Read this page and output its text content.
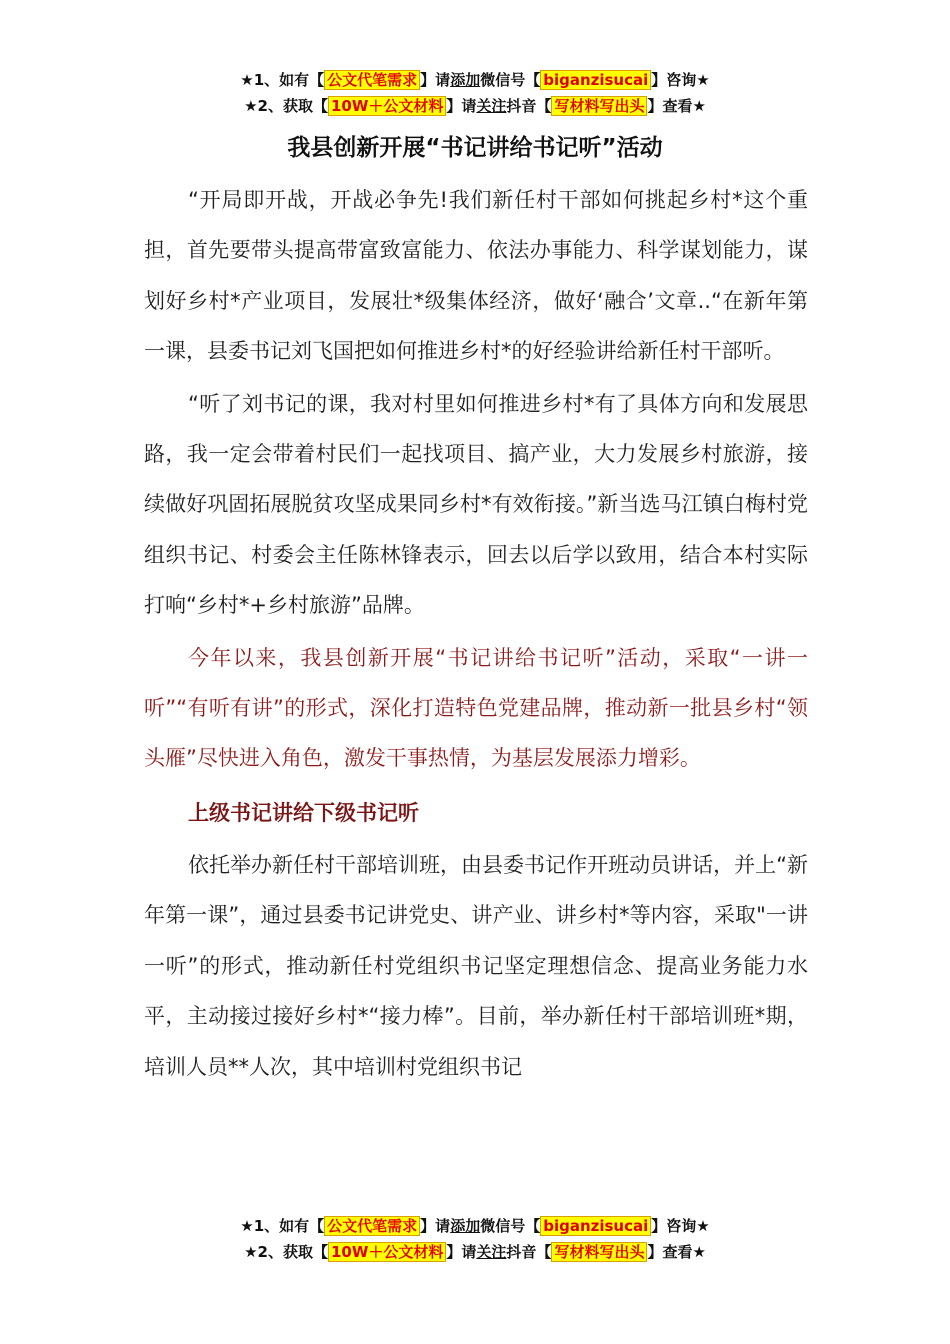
★1、如有【 公文代笔需求 】请添加微信号【 biganzisucai 】咨询★
★2、获取【 10W＋公文材料 】请关注抖音【 写材料写出头 】查看★
我县创新开展“书记讲给书记听”活动

“开局即开战，开战必争先!我们新任村干部如何挑起乡村*这个重担，首先要带头提高带富致富能力、依法办事能力、科学谋划能力，谋划好乡村*产业项目，发展壮*级集体经济，做好‘融合’文章..“在新年第一课，县委书记刘飞国把如何推进乡村*的好经验讲给新任村干部听。

“听了刘书记的课，我对村里如何推进乡村*有了具体方向和发展思路，我一定会带着村民们一起找项目、搞产业，大力发展乡村旅游，接续做好巩固拓展脱贫攻坚成果同乡村*有效衔接。”新当选马江镇白梅村党组织书记、村委会主任陈林锋表示，回去以后学以致用，结合本村实际打响“乡村*+乡村旅游”品牌。

今年以来，我县创新开展“书记讲给书记听”活动，采取“一讲一听”“有听有讲”的形式，深化打造特色党建品牌，推动新一批县乡村“领头雁”尽快进入角色，激发干事热情，为基层发展添力增彩。

上级书记讲给下级书记听

依托举办新任村干部培训班，由县委书记作开班动员讲话，并上“新年第一课”，通过县委书记讲党史、讲产业、讲乡村*等内容，采取"一讲一听”的形式，推动新任村党组织书记坚定理想信念、提高业务能力水平，主动接过接好乡村*“接力棒”。目前，举办新任村干部培训班*期，培训人员**人次，其中培训村党组织书记

★1、如有【 公文代笔需求 】请添加微信号【 biganzisucai 】咨询★
★2、获取【 10W＋公文材料 】请关注抖音【 写材料写出头 】查看★
